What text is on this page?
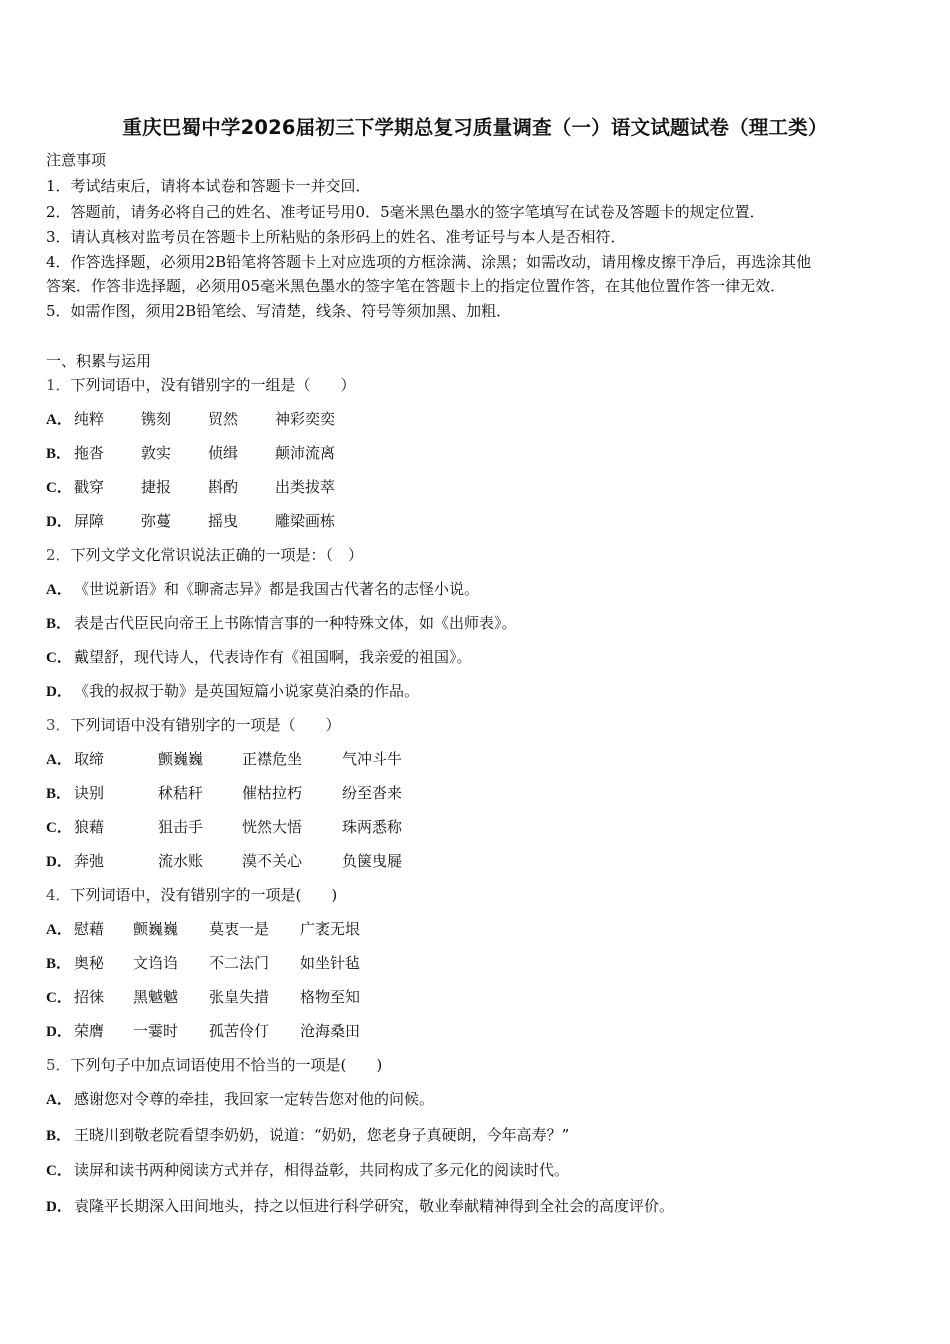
重庆巴蜀中学2026届初三下学期总复习质量调查（一）语文试题试卷（理工类）
注意事项
1．考试结束后，请将本试卷和答题卡一并交回．
2．答题前，请务必将自己的姓名、准考证号用0．5毫米黑色墨水的签字笔填写在试卷及答题卡的规定位置．
3．请认真核对监考员在答题卡上所粘贴的条形码上的姓名、准考证号与本人是否相符．
4．作答选择题，必须用2B铅笔将答题卡上对应选项的方框涂满、涂黑；如需改动，请用橡皮擦干净后，再选涂其他
答案．作答非选择题，必须用05毫米黑色墨水的签字笔在答题卡上的指定位置作答，在其他位置作答一律无效．
5．如需作图，须用2B铅笔绘、写清楚，线条、符号等须加黑、加粗．
一、积累与运用
1．下列词语中，没有错别字的一组是（　　）
A． 纯粹 镌刻 贸然 神彩奕奕
B． 拖沓 敦实 侦缉 颠沛流离
C． 戳穿 捷报 斟酌 出类拔萃
D． 屏障 弥蔓 摇曳 雕梁画栋
2．下列文学文化常识说法正确的一项是：（　）
A． 《世说新语》和《聊斋志异》都是我国古代著名的志怪小说。
B． 表是古代臣民向帝王上书陈情言事的一种特殊文体，如《出师表》。
C． 戴望舒，现代诗人，代表诗作有《祖国啊，我亲爱的祖国》。
D． 《我的叔叔于勒》是英国短篇小说家莫泊桑的作品。
3．下列词语中没有错别字的一项是（　　）
A． 取缔	颤巍巍	正襟危坐	气冲斗牛
B． 诀别	秫秸秆	催枯拉朽	纷至沓来
C． 狼藉	狙击手	恍然大悟	珠两悉称
D． 奔弛	流水账	漠不关心	负箧曳屣
4．下列词语中，没有错别字的一项是(　　)
A． 慰藉 颤巍巍 莫衷一是 广袤无垠
B． 奥秘 文诌诌 不二法门 如坐针毡
C． 招徕 黑魆魆 张皇失措 格物至知
D． 荣膺 一霎时 孤苦伶仃 沧海桑田
5．下列句子中加点词语使用不恰当的一项是(　　)
A． 感谢您对令尊的牵挂，我回家一定转告您对他的问候。
B． 王晓川到敬老院看望李奶奶，说道：“奶奶，您老身子真硬朗，今年高寿？”
C． 读屏和读书两种阅读方式并存，相得益彰，共同构成了多元化的阅读时代。
D． 袁隆平长期深入田间地头，持之以恒进行科学研究，敬业奉献精神得到全社会的高度评价。
